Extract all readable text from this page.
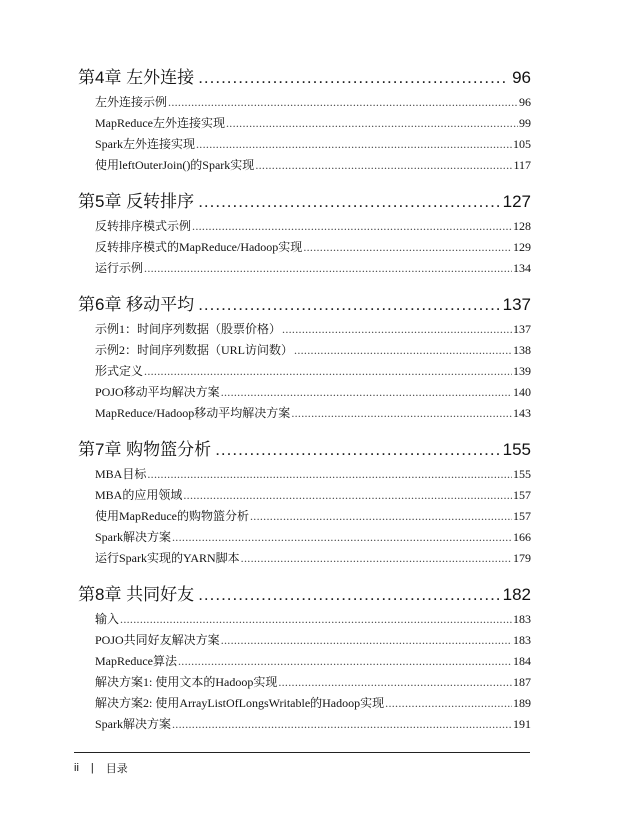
第4章 左外连接 .....	96
左外连接示例 .....	96
MapReduce左外连接实现 .....	99
Spark左外连接实现 .....	105
使用leftOuterJoin()的Spark实现 .....	117
第5章 反转排序 .....	127
反转排序模式示例 .....	128
反转排序模式的MapReduce/Hadoop实现 .....	129
运行示例 .....	134
第6章 移动平均 .....	137
示例1：时间序列数据（股票价格） .....	137
示例2：时间序列数据（URL访问数） .....	138
形式定义 .....	139
POJO移动平均解决方案 .....	140
MapReduce/Hadoop移动平均解决方案 .....	143
第7章 购物篮分析 .....	155
MBA目标 .....	155
MBA的应用领域 .....	157
使用MapReduce的购物篮分析 .....	157
Spark解决方案 .....	166
运行Spark实现的YARN脚本 .....	179
第8章 共同好友 .....	182
输入 .....	183
POJO共同好友解决方案 .....	183
MapReduce算法 .....	184
解决方案1: 使用文本的Hadoop实现 .....	187
解决方案2: 使用ArrayListOfLongsWritable的Hadoop实现 .....	189
Spark解决方案 .....	191
ii | 目录
